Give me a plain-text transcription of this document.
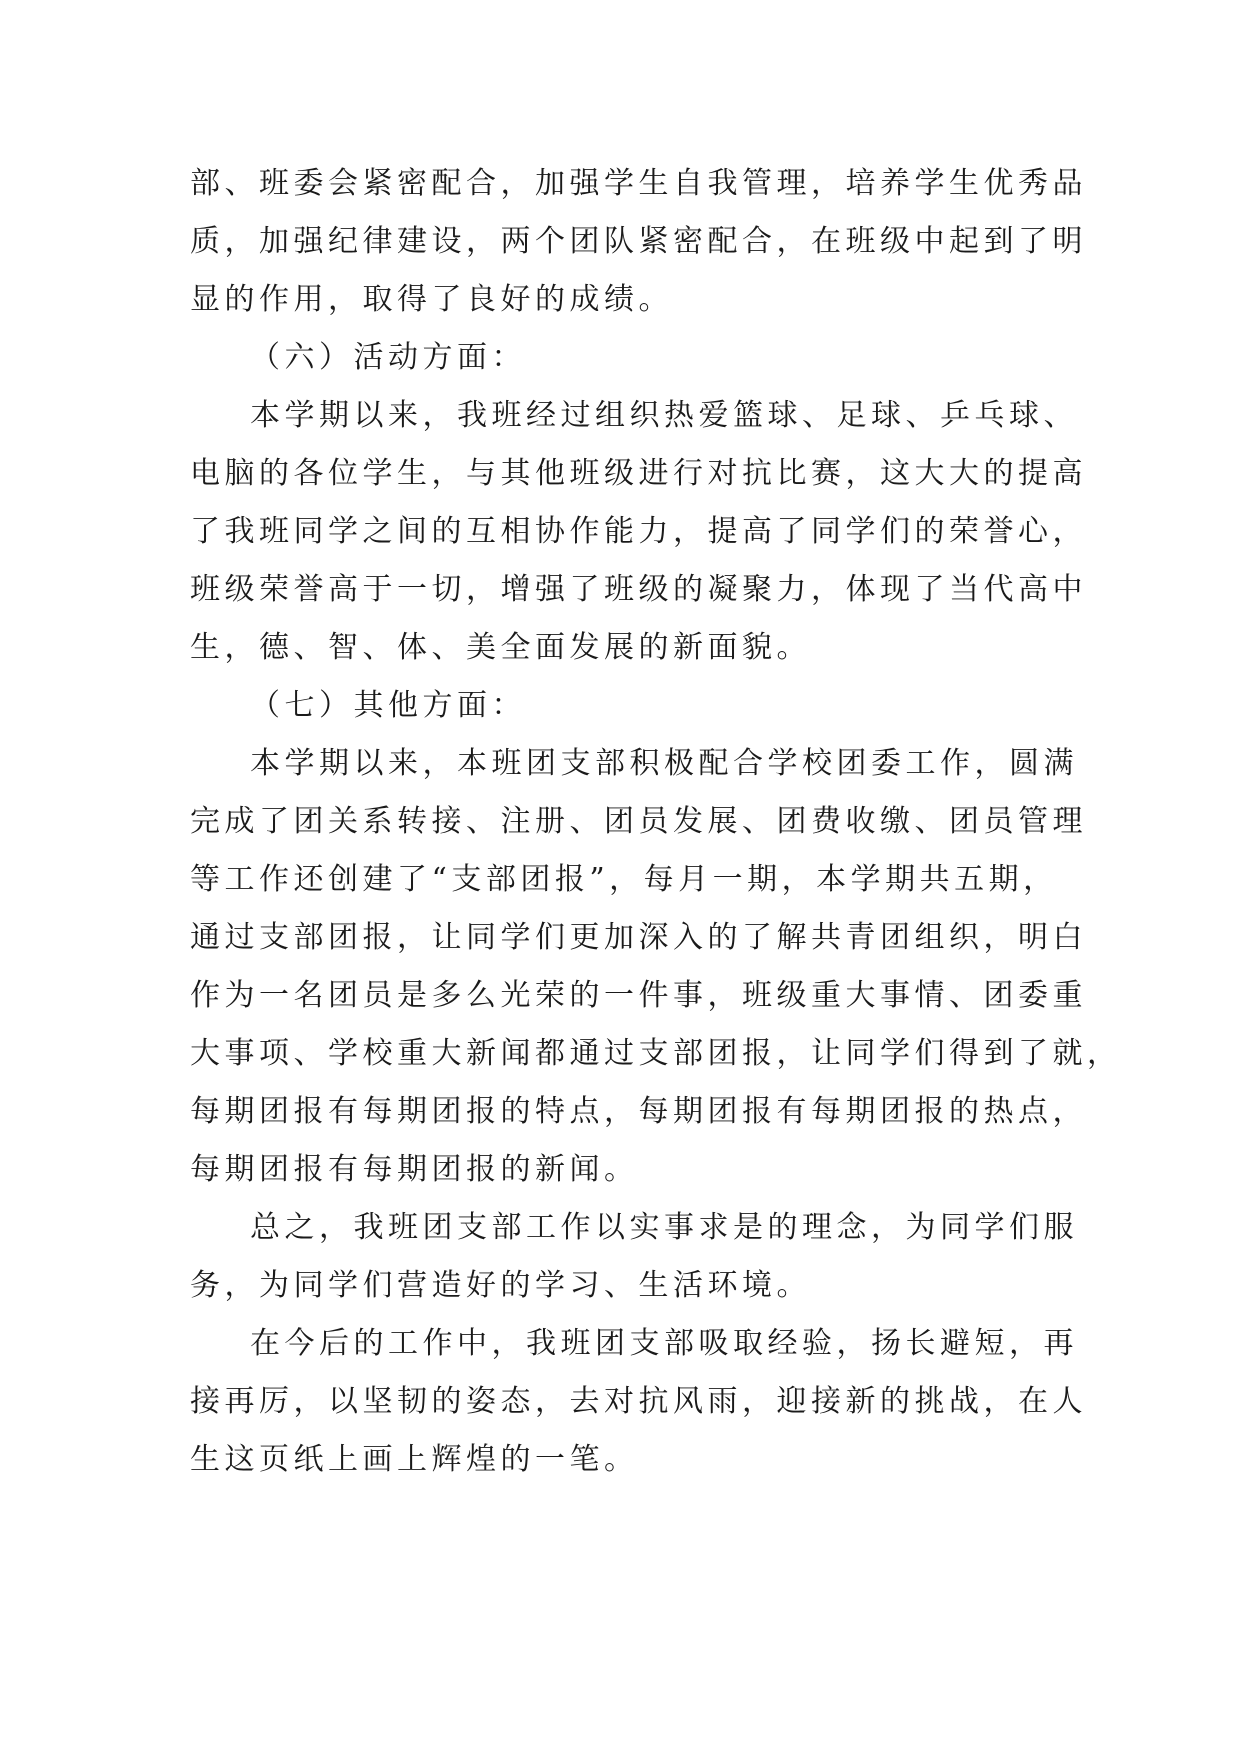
部、班委会紧密配合，加强学生自我管理，培养学生优秀品
质，加强纪律建设，两个团队紧密配合，在班级中起到了明
显的作用，取得了良好的成绩。
（六）活动方面：
本学期以来，我班经过组织热爱篮球、足球、乒乓球、
电脑的各位学生，与其他班级进行对抗比赛，这大大的提高
了我班同学之间的互相协作能力，提高了同学们的荣誉心，
班级荣誉高于一切，增强了班级的凝聚力，体现了当代高中
生，德、智、体、美全面发展的新面貌。
（七）其他方面：
本学期以来，本班团支部积极配合学校团委工作，圆满
完成了团关系转接、注册、团员发展、团费收缴、团员管理
等工作还创建了“支部团报”，每月一期，本学期共五期，
通过支部团报，让同学们更加深入的了解共青团组织，明白
作为一名团员是多么光荣的一件事，班级重大事情、团委重
大事项、学校重大新闻都通过支部团报，让同学们得到了就，
每期团报有每期团报的特点，每期团报有每期团报的热点，
每期团报有每期团报的新闻。
总之，我班团支部工作以实事求是的理念，为同学们服
务，为同学们营造好的学习、生活环境。
在今后的工作中，我班团支部吸取经验，扬长避短，再
接再厉，以坚韧的姿态，去对抗风雨，迎接新的挑战，在人
生这页纸上画上辉煌的一笔。
